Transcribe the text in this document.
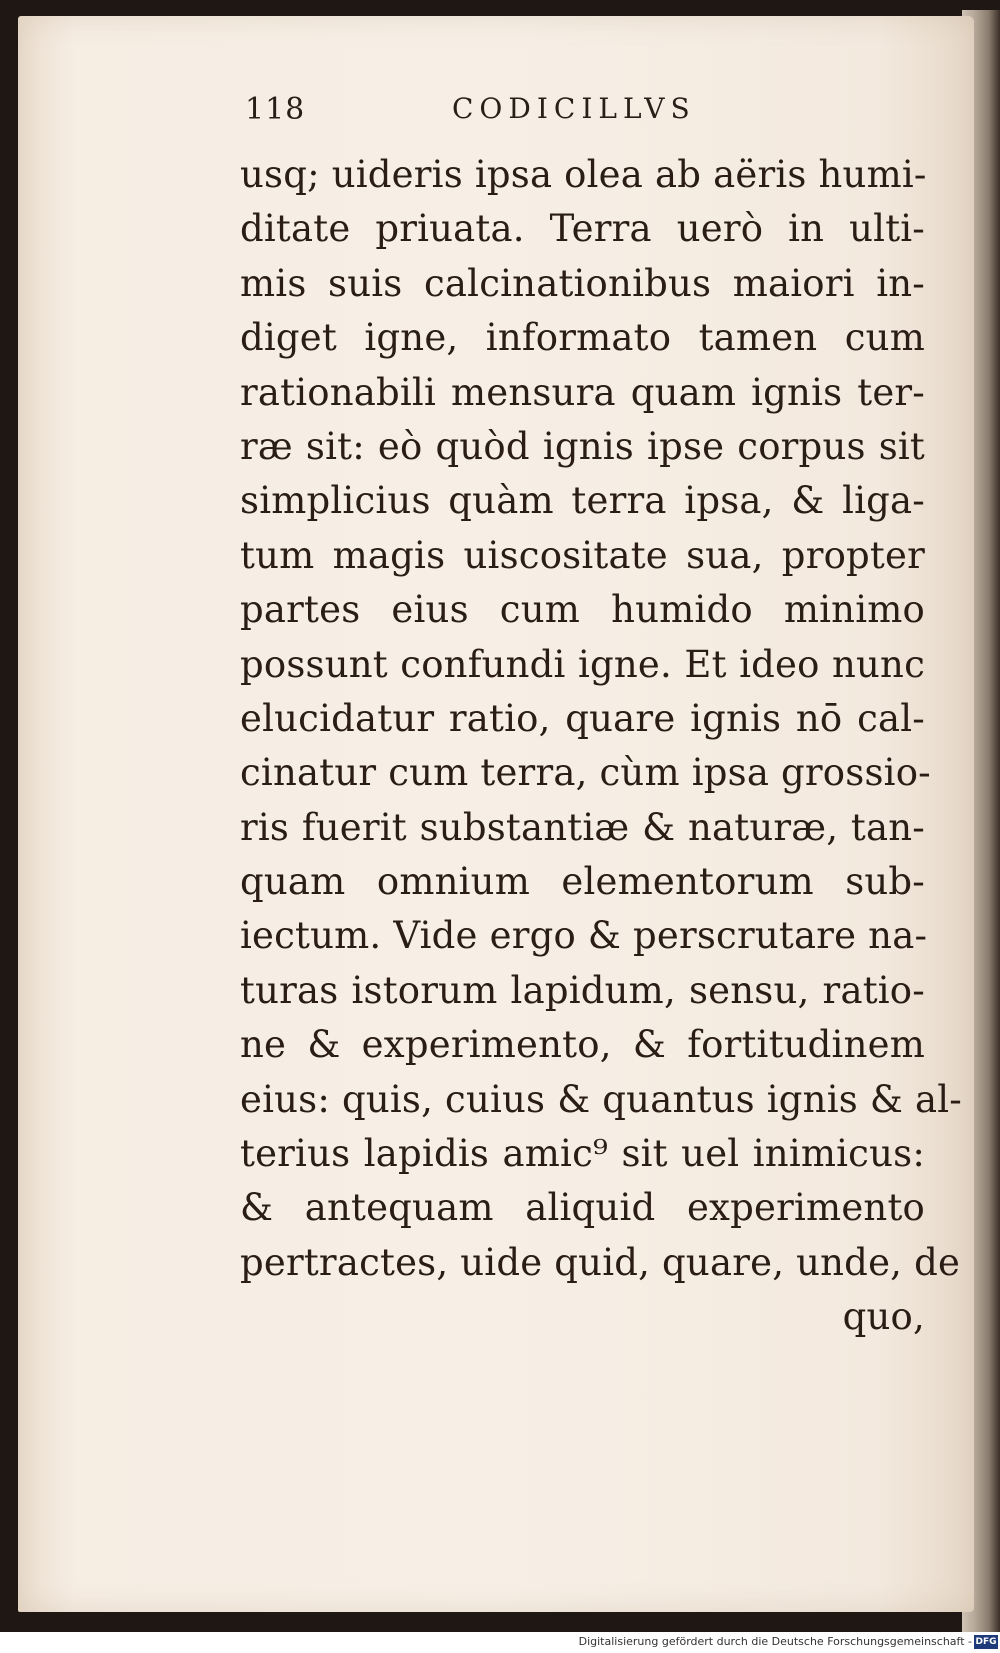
118	CODICILLVS
usq; uideris ipsa olea ab aëris humi-
ditate priuata. Terra uerò in ulti-
mis suis calcinationibus maiori in-
diget igne, informato tamen cum
rationabili mensura quam ignis ter-
ræ sit: eò quòd ignis ipse corpus sit
simplicius quàm terra ipsa, & liga-
tum magis uiscositate sua, propter
partes eius cum humido minimo
possunt confundi igne. Et ideo nunc
elucidatur ratio, quare ignis nō cal-
cinatur cum terra, cùm ipsa grossio-
ris fuerit substantiæ & naturæ, tan-
quam omnium elementorum sub-
iectum. Vide ergo & perscrutare na-
turas istorum lapidum, sensu, ratio-
ne & experimento, & fortitudinem
eius: quis, cuius & quantus ignis & al-
terius lapidis amic⁹ sit uel inimicus:
& antequam aliquid experimento
pertractes, uide quid, quare, unde, de
quo,
Digitalisierung gefördert durch die Deutsche Forschungsgemeinschaft - DFG
